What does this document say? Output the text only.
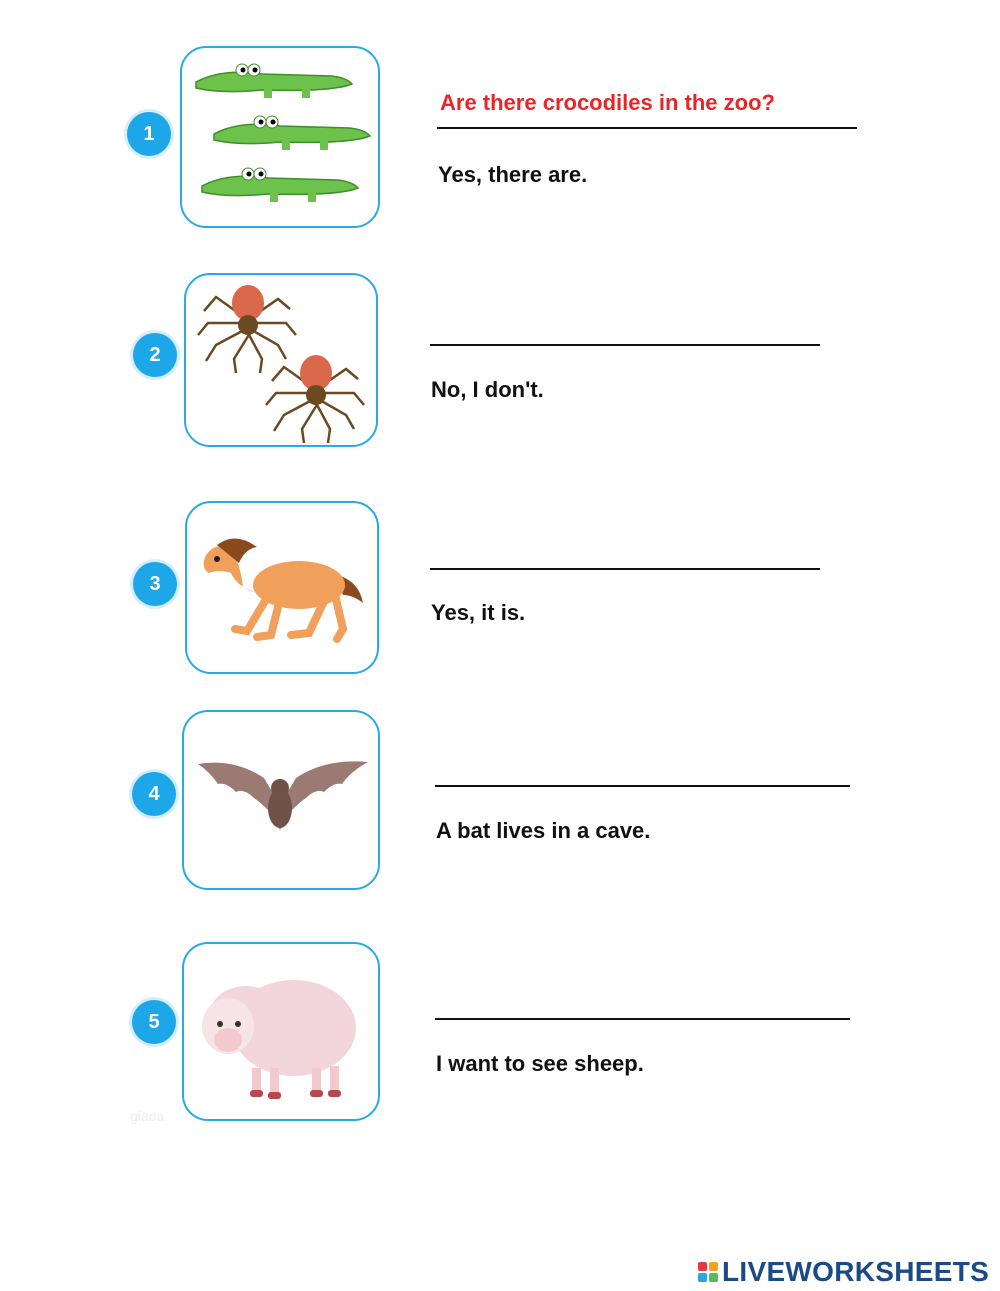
1
Are there crocodiles in the zoo?
Yes, there are.
2
No, I don't.
3
Yes, it is.
4
A bat lives in a cave.
5
I want to see sheep.
giaoa
LIVEWORKSHEETS
